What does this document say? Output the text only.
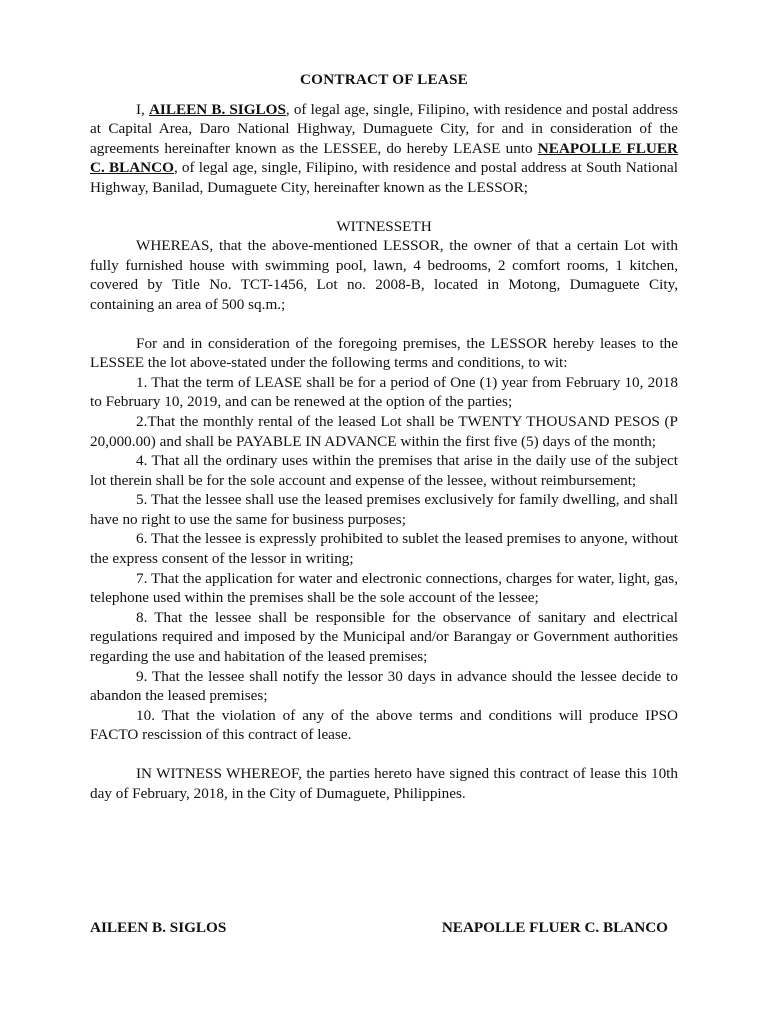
CONTRACT OF LEASE

I, AILEEN B. SIGLOS, of legal age, single, Filipino, with residence and postal address at Capital Area, Daro National Highway, Dumaguete City, for and in consideration of the agreements hereinafter known as the LESSEE, do hereby LEASE unto NEAPOLLE FLUER C. BLANCO, of legal age, single, Filipino, with residence and postal address at South National Highway, Banilad, Dumaguete City, hereinafter known as the LESSOR;

WITNESSETH

WHEREAS, that the above-mentioned LESSOR, the owner of that a certain Lot with fully furnished house with swimming pool, lawn, 4 bedrooms, 2 comfort rooms, 1 kitchen, covered by Title No. TCT-1456, Lot no. 2008-B, located in Motong, Dumaguete City, containing an area of 500 sq.m.;

For and in consideration of the foregoing premises, the LESSOR hereby leases to the LESSEE the lot above-stated under the following terms and conditions, to wit:

1. That the term of LEASE shall be for a period of One (1) year from February 10, 2018 to February 10, 2019, and can be renewed at the option of the parties;

2.That the monthly rental of the leased Lot shall be TWENTY THOUSAND PESOS (P 20,000.00) and shall be PAYABLE IN ADVANCE within the first five (5) days of the month;

4. That all the ordinary uses within the premises that arise in the daily use of the subject lot therein shall be for the sole account and expense of the lessee, without reimbursement;

5. That the lessee shall use the leased premises exclusively for family dwelling, and shall have no right to use the same for business purposes;

6. That the lessee is expressly prohibited to sublet the leased premises to anyone, without the express consent of the lessor in writing;

7. That the application for water and electronic connections, charges for water, light, gas, telephone used within the premises shall be the sole account of the lessee;

8. That the lessee shall be responsible for the observance of sanitary and electrical regulations required and imposed by the Municipal and/or Barangay or Government authorities regarding the use and habitation of the leased premises;

9. That the lessee shall notify the lessor 30 days in advance should the lessee decide to abandon the leased premises;

10. That the violation of any of the above terms and conditions will produce IPSO FACTO rescission of this contract of lease.

IN WITNESS WHEREOF, the parties hereto have signed this contract of lease this 10th day of February, 2018, in the City of Dumaguete, Philippines.

AILEEN B. SIGLOS	NEAPOLLE FLUER C. BLANCO
